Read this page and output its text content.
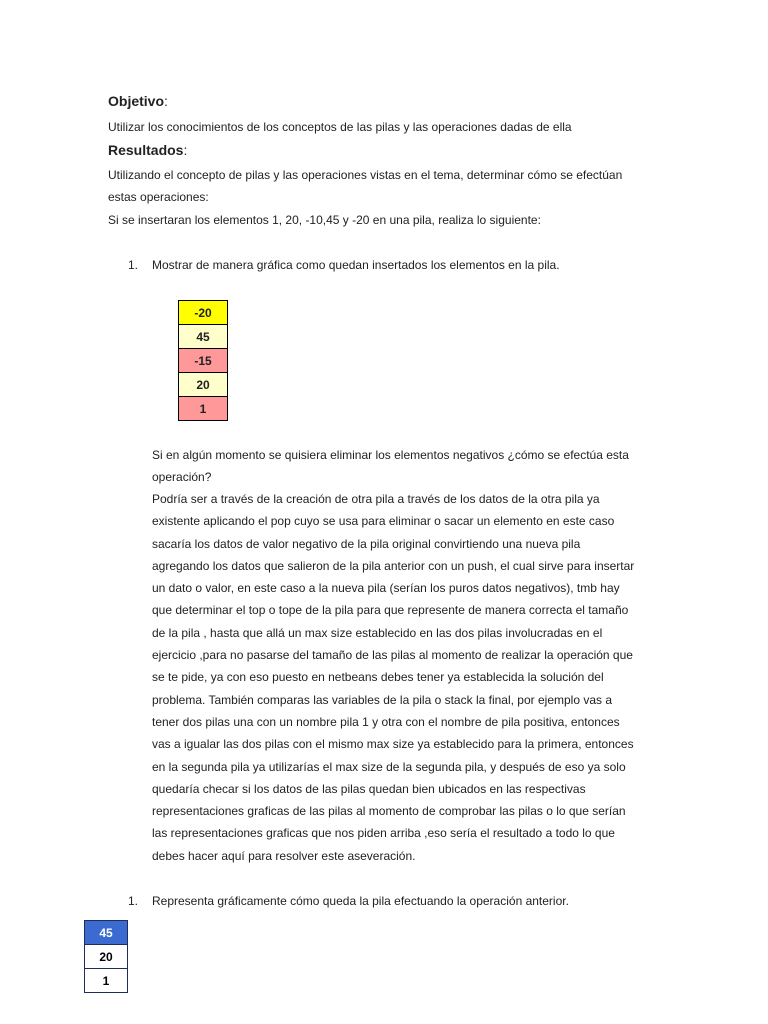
Objetivo:
Utilizar los conocimientos de los conceptos de las pilas y las operaciones dadas de ella
Resultados:
Utilizando el concepto de pilas y las operaciones vistas en el tema, determinar cómo se efectúan
estas operaciones:
Si se insertaran los elementos 1, 20, -10,45 y -20 en una pila, realiza lo siguiente:
1. Mostrar de manera gráfica como quedan insertados los elementos en la pila.
-20
45
-15
20
1
Si en algún momento se quisiera eliminar los elementos negativos ¿cómo se efectúa esta
operación?
Podría ser a través de la creación de otra pila a través de los datos de la otra pila ya
existente aplicando el pop cuyo se usa para eliminar o sacar un elemento en este caso
sacaría los datos de valor negativo de la pila original convirtiendo una nueva pila
agregando los datos que salieron de la pila anterior con un push, el cual sirve para insertar
un dato o valor, en este caso a la nueva pila (serían los puros datos negativos), tmb hay
que determinar el top o tope de la pila para que represente de manera correcta el tamaño
de la pila , hasta que allá un max size establecido en las dos pilas involucradas en el
ejercicio ,para no pasarse del tamaño de las pilas al momento de realizar la operación que
se te pide, ya con eso puesto en netbeans debes tener ya establecida la solución del
problema. También comparas las variables de la pila o stack la final, por ejemplo vas a
tener dos pilas una con un nombre pila 1 y otra con el nombre de pila positiva, entonces
vas a igualar las dos pilas con el mismo max size ya establecido para la primera, entonces
en la segunda pila ya utilizarías el max size de la segunda pila, y después de eso ya solo
quedaría checar si los datos de las pilas quedan bien ubicados en las respectivas
representaciones graficas de las pilas al momento de comprobar las pilas o lo que serían
las representaciones graficas que nos piden arriba ,eso sería el resultado a todo lo que
debes hacer aquí para resolver este aseveración.
1. Representa gráficamente cómo queda la pila efectuando la operación anterior.
45
20
1
